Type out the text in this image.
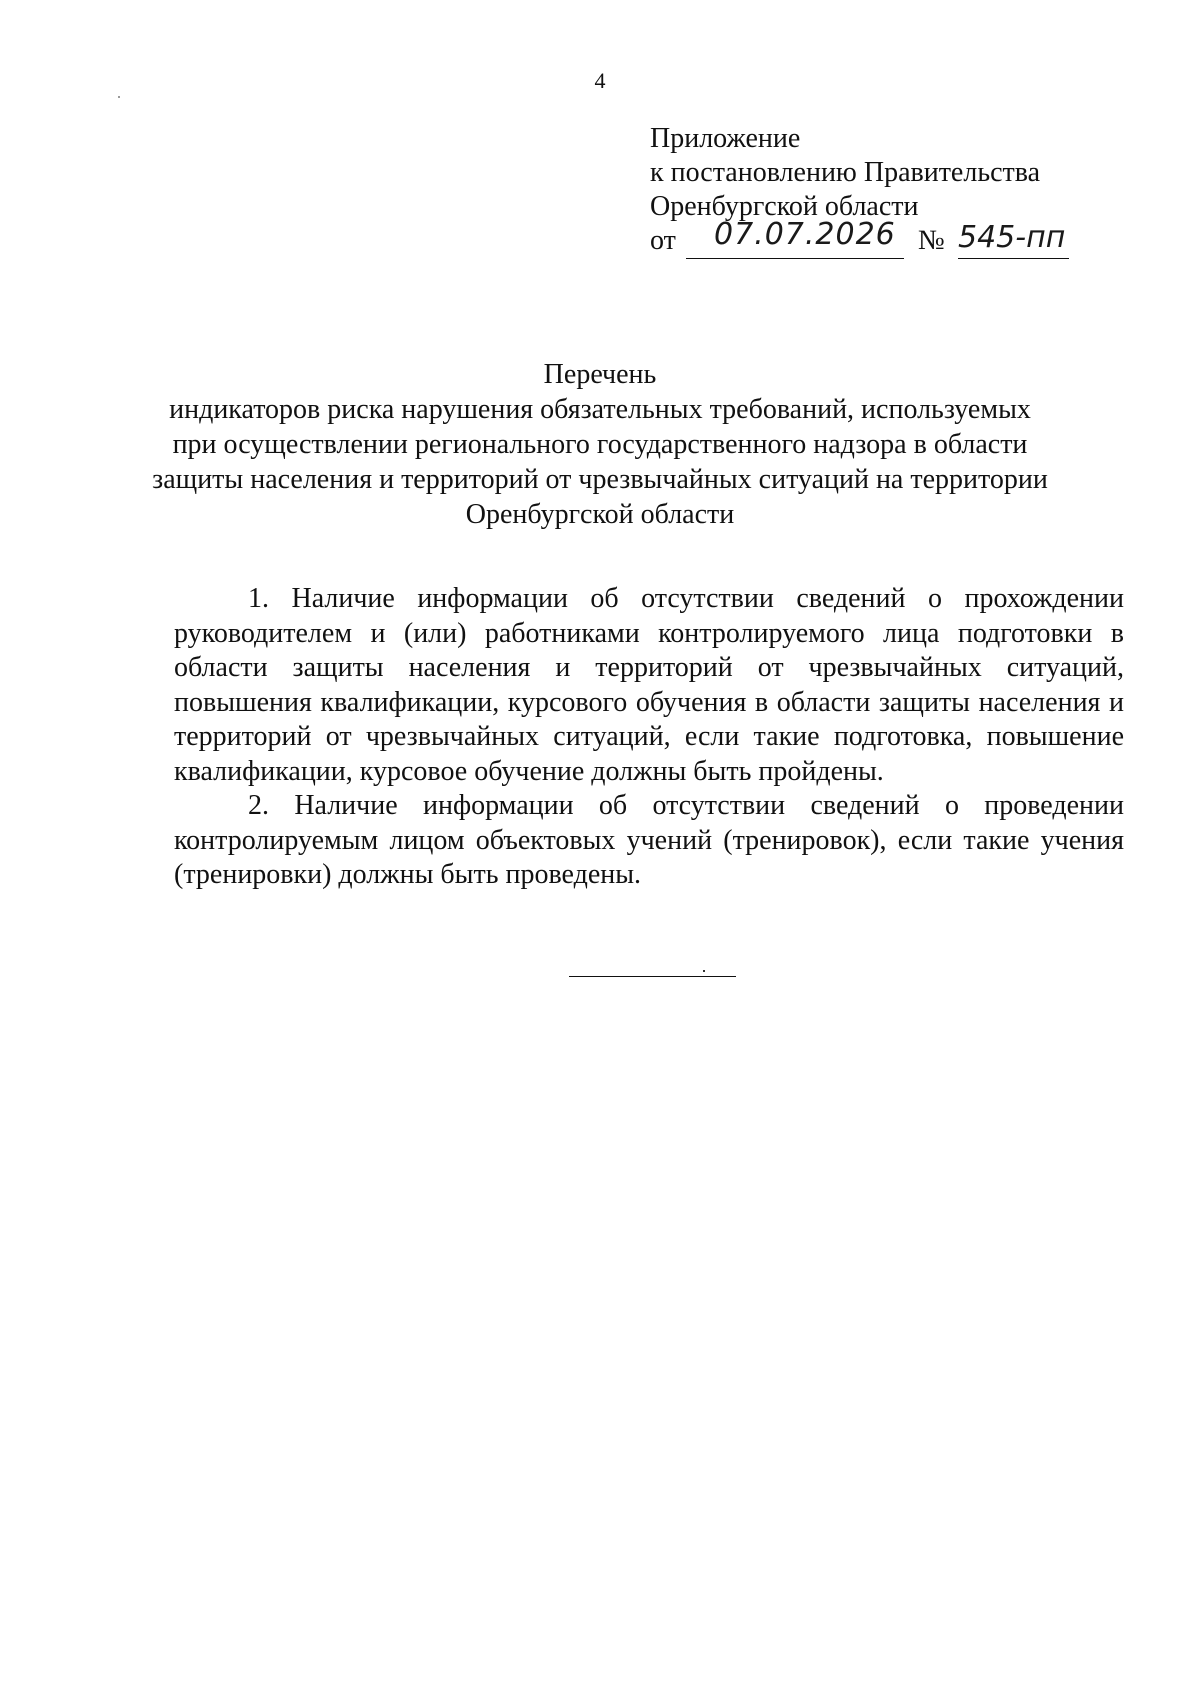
4
Приложение
к постановлению Правительства
Оренбургской области
от 07.07.2026 № 545-пп
Перечень
индикаторов риска нарушения обязательных требований, используемых
при осуществлении регионального государственного надзора в области
защиты населения и территорий от чрезвычайных ситуаций на территории
Оренбургской области

1. Наличие информации об отсутствии сведений о прохождении руководителем и (или) работниками контролируемого лица подготовки в области защиты населения и территорий от чрезвычайных ситуаций, повышения квалификации, курсового обучения в области защиты населения и территорий от чрезвычайных ситуаций, если такие подготовка, повышение квалификации, курсовое обучение должны быть пройдены.

2. Наличие информации об отсутствии сведений о проведении контролируемым лицом объектовых учений (тренировок), если такие учения (тренировки) должны быть проведены.
